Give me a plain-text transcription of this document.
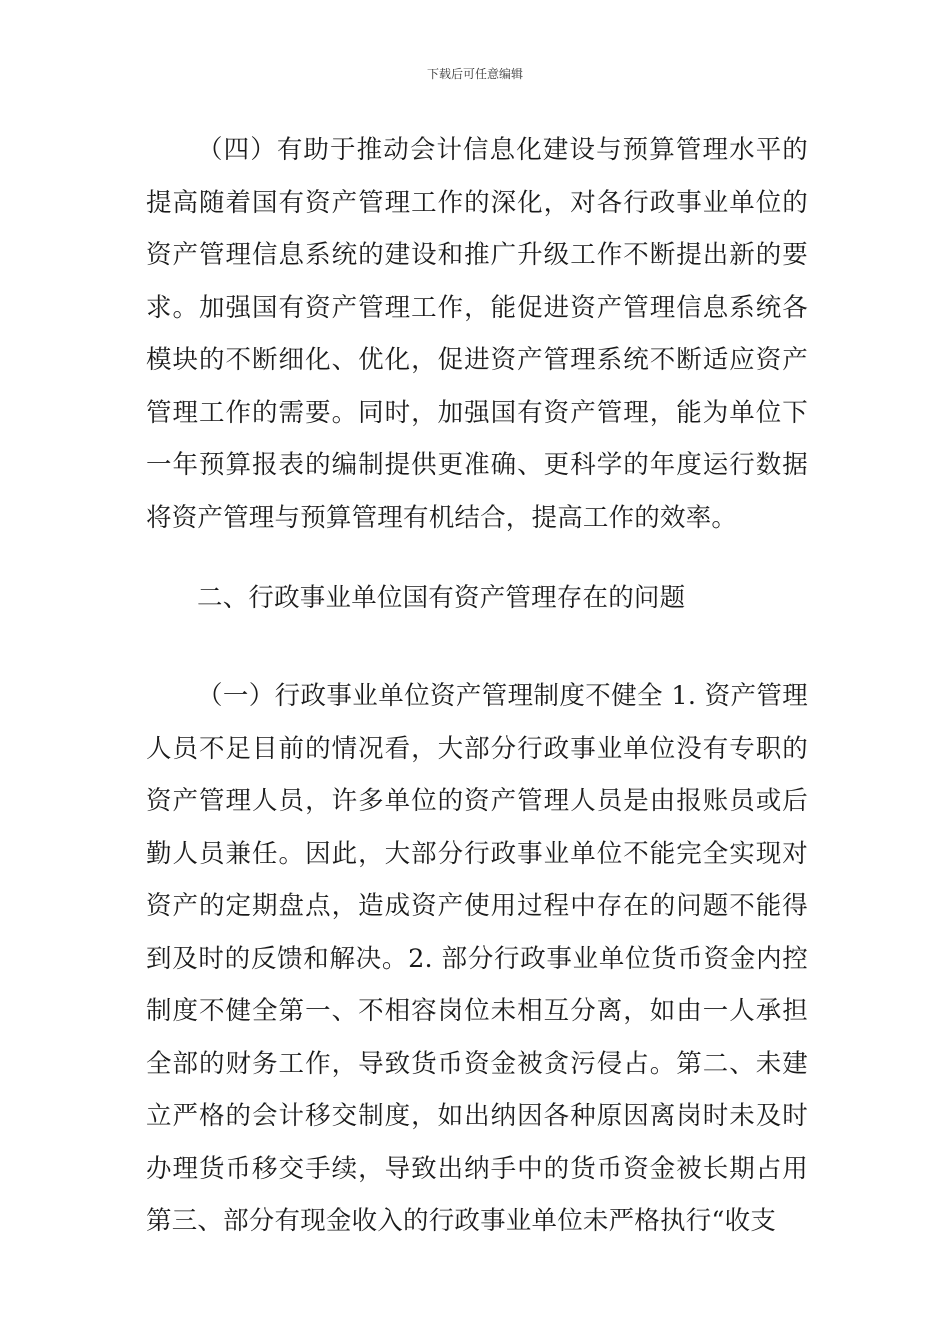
下载后可任意编辑

（四）有助于推动会计信息化建设与预算管理水平的提高随着国有资产管理工作的深化，对各行政事业单位的资产管理信息系统的建设和推广升级工作不断提出新的要求。加强国有资产管理工作，能促进资产管理信息系统各模块的不断细化、优化，促进资产管理系统不断适应资产管理工作的需要。同时，加强国有资产管理，能为单位下一年预算报表的编制提供更准确、更科学的年度运行数据将资产管理与预算管理有机结合，提高工作的效率。

二、行政事业单位国有资产管理存在的问题

（一）行政事业单位资产管理制度不健全 1. 资产管理人员不足目前的情况看，大部分行政事业单位没有专职的资产管理人员，许多单位的资产管理人员是由报账员或后勤人员兼任。因此，大部分行政事业单位不能完全实现对资产的定期盘点，造成资产使用过程中存在的问题不能得到及时的反馈和解决。2. 部分行政事业单位货币资金内控制度不健全第一、不相容岗位未相互分离，如由一人承担全部的财务工作，导致货币资金被贪污侵占。第二、未建立严格的会计移交制度，如出纳因各种原因离岗时未及时办理货币移交手续，导致出纳手中的货币资金被长期占用第三、部分有现金收入的行政事业单位未严格执行“收支
